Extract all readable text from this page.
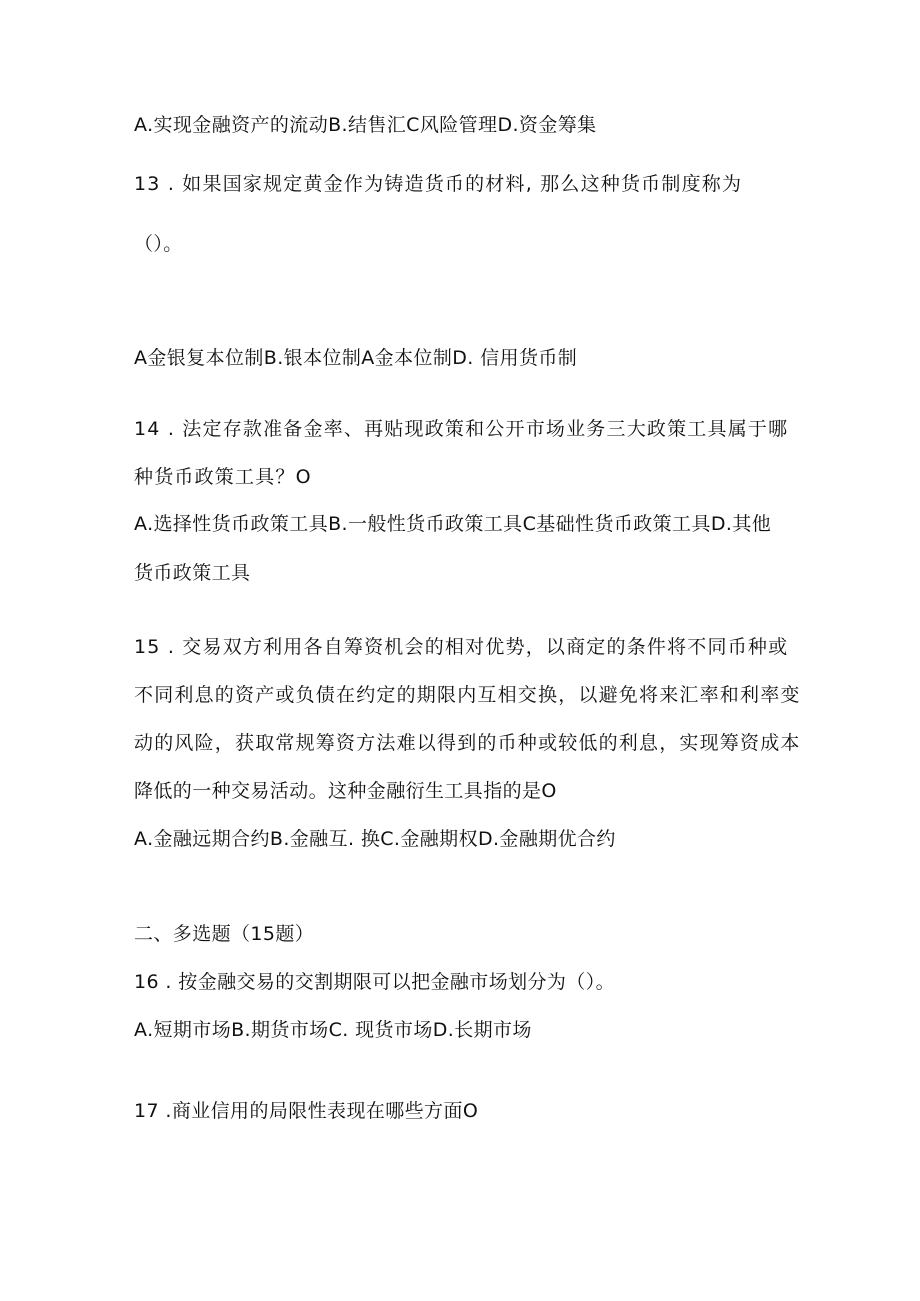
A.实现金融资产的流动B.结售汇C风险管理D.资金筹集
13 . 如果国家规定黄金作为铸造货币的材料, 那么这种货币制度称为
（）。
A金银复本位制B.银本位制A金本位制D. 信用货币制
14 . 法定存款准备金率、再贴现政策和公开市场业务三大政策工具属于哪
种货币政策工具？O
A.选择性货币政策工具B.一般性货币政策工具C基础性货币政策工具D.其他
货币政策工具
15 . 交易双方利用各自筹资机会的相对优势，以商定的条件将不同币种或
不同利息的资产或负债在约定的期限内互相交换，以避免将来汇率和利率变
动的风险，获取常规筹资方法难以得到的币种或较低的利息，实现筹资成本
降低的一种交易活动。这种金融衍生工具指的是O
A.金融远期合约B.金融互. 换C.金融期权D.金融期优合约
二、多选题（15题）
16 . 按金融交易的交割期限可以把金融市场划分为（）。
A.短期市场B.期货市场C. 现货市场D.长期市场
17 .商业信用的局限性表现在哪些方面O
